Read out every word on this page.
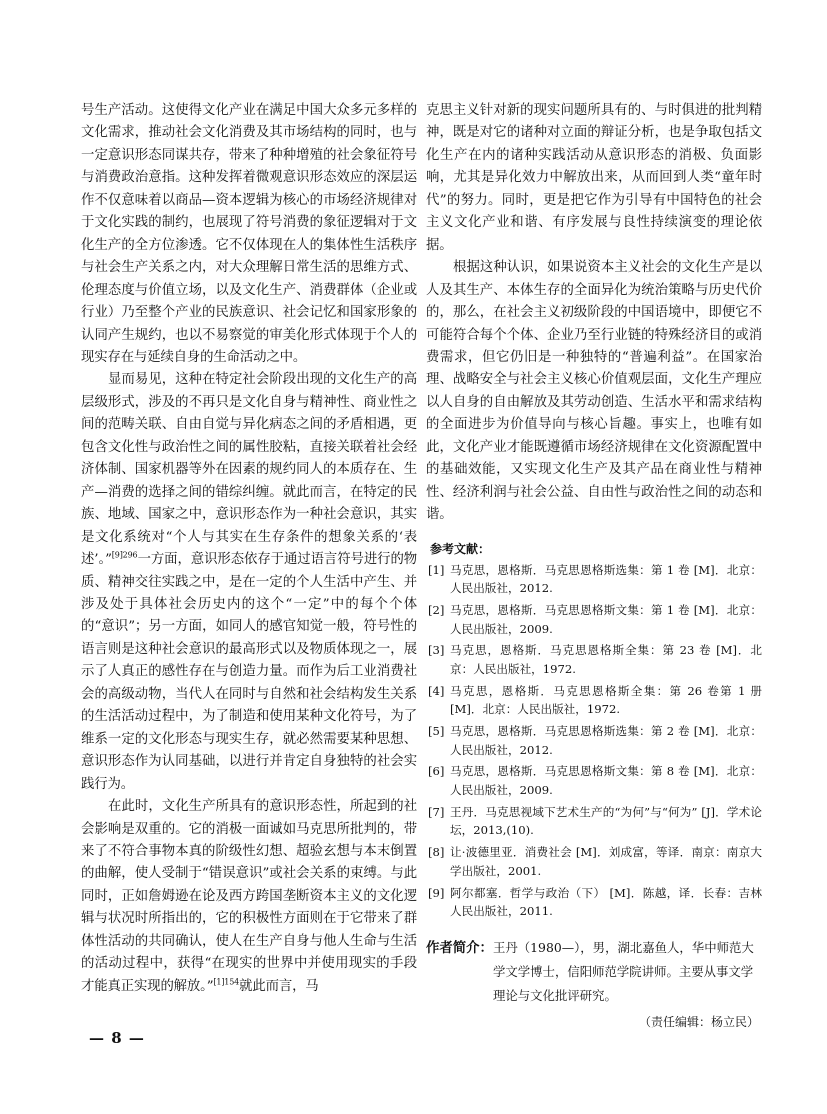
号生产活动。这使得文化产业在满足中国大众多元多样的文化需求，推动社会文化消费及其市场结构的同时，也与一定意识形态同谋共存，带来了种种增殖的社会象征符号与消费政治意指。这种发挥着微观意识形态效应的深层运作不仅意味着以商品—资本逻辑为核心的市场经济规律对于文化实践的制约，也展现了符号消费的象征逻辑对于文化生产的全方位渗透。它不仅体现在人的集体性生活秩序与社会生产关系之内，对大众理解日常生活的思维方式、伦理态度与价值立场，以及文化生产、消费群体（企业或行业）乃至整个产业的民族意识、社会记忆和国家形象的认同产生规约，也以不易察觉的审美化形式体现于个人的现实存在与延续自身的生命活动之中。

显而易见，这种在特定社会阶段出现的文化生产的高层级形式，涉及的不再只是文化自身与精神性、商业性之间的范畴关联、自由自觉与异化病态之间的矛盾相遇，更包含文化性与政治性之间的属性胶粘，直接关联着社会经济体制、国家机器等外在因素的规约同人的本质存在、生产—消费的选择之间的错综纠缠。就此而言，在特定的民族、地域、国家之中，意识形态作为一种社会意识，其实是文化系统对“个人与其实在生存条件的想象关系的‘表述’。”$^{[9]296}$一方面，意识形态依存于通过语言符号进行的物质、精神交往实践之中，是在一定的个人生活中产生、并涉及处于具体社会历史内的这个“一定”中的每个个体的“意识”；另一方面，如同人的感官知觉一般，符号性的语言则是这种社会意识的最高形式以及物质体现之一，展示了人真正的感性存在与创造力量。而作为后工业消费社会的高级动物，当代人在同时与自然和社会结构发生关系的生活活动过程中，为了制造和使用某种文化符号，为了维系一定的文化形态与现实生存，就必然需要某种思想、意识形态作为认同基础，以进行并肯定自身独特的社会实践行为。

在此时，文化生产所具有的意识形态性，所起到的社会影响是双重的。它的消极一面诚如马克思所批判的，带来了不符合事物本真的阶级性幻想、超验玄想与本末倒置的曲解，使人受制于“错误意识”或社会关系的束缚。与此同时，正如詹姆逊在论及西方跨国垄断资本主义的文化逻辑与状况时所指出的，它的积极性方面则在于它带来了群体性活动的共同确认，使人在生产自身与他人生命与生活的活动过程中，获得“在现实的世界中并使用现实的手段才能真正实现的解放。”$^{[1]154}$就此而言，马

克思主义针对新的现实问题所具有的、与时俱进的批判精神，既是对它的诸种对立面的辩证分析，也是争取包括文化生产在内的诸种实践活动从意识形态的消极、负面影响，尤其是异化效力中解放出来，从而回到人类“童年时代”的努力。同时，更是把它作为引导有中国特色的社会主义文化产业和谐、有序发展与良性持续演变的理论依据。

根据这种认识，如果说资本主义社会的文化生产是以人及其生产、本体生存的全面异化为统治策略与历史代价的，那么，在社会主义初级阶段的中国语境中，即便它不可能符合每个个体、企业乃至行业链的特殊经济目的或消费需求，但它仍旧是一种独特的“普遍利益”。在国家治理、战略安全与社会主义核心价值观层面，文化生产理应以人自身的自由解放及其劳动创造、生活水平和需求结构的全面进步为价值导向与核心旨趣。事实上，也唯有如此，文化产业才能既遵循市场经济规律在文化资源配置中的基础效能，又实现文化生产及其产品在商业性与精神性、经济利润与社会公益、自由性与政治性之间的动态和谐。

参考文献：
[1] 马克思，恩格斯．马克思恩格斯选集：第 1 卷 [M]．北京：人民出版社，2012.
[2] 马克思，恩格斯．马克思恩格斯文集：第 1 卷 [M]．北京：人民出版社，2009.
[3] 马克思，恩格斯．马克思恩格斯全集：第 23 卷 [M]．北京：人民出版社，1972.
[4] 马克思，恩格斯．马克思恩格斯全集：第 26 卷第 1 册 [M]．北京：人民出版社，1972.
[5] 马克思，恩格斯．马克思恩格斯选集：第 2 卷 [M]．北京：人民出版社，2012.
[6] 马克思，恩格斯．马克思恩格斯文集：第 8 卷 [M]．北京：人民出版社，2009.
[7] 王丹．马克思视域下艺术生产的“为何”与“何为” [J]．学术论坛，2013,(10).
[8] 让·波德里亚．消费社会 [M]．刘成富，等译．南京：南京大学出版社，2001.
[9] 阿尔都塞．哲学与政治（下） [M]．陈越，译．长春：吉林人民出版社，2011.
作者简介： 王丹（1980—），男，湖北嘉鱼人，华中师范大学文学博士，信阳师范学院讲师。主要从事文学理论与文化批评研究。
（责任编辑：杨立民）
— 8 —
